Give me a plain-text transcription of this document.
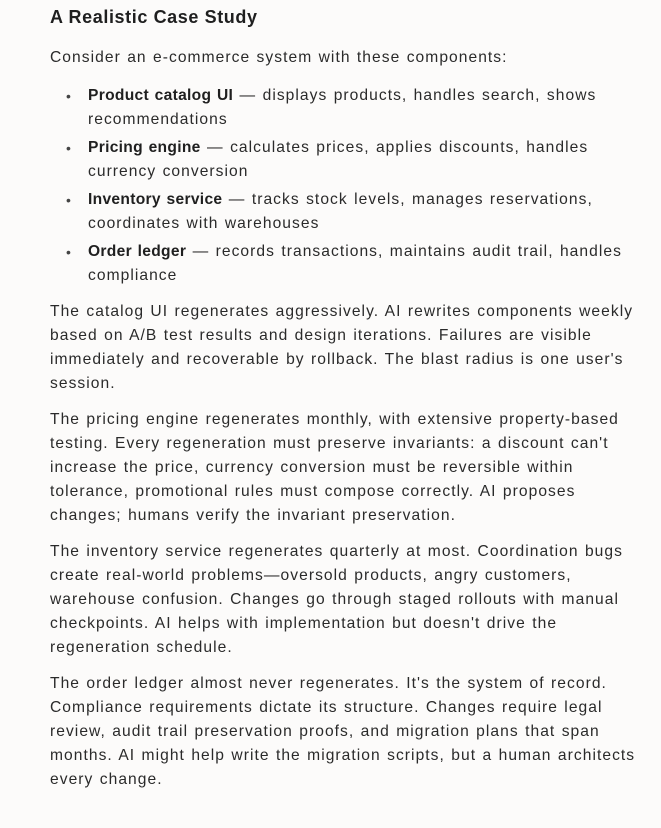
A Realistic Case Study

Consider an e-commerce system with these components:

• Product catalog UI — displays products, handles search, shows recommendations
• Pricing engine — calculates prices, applies discounts, handles currency conversion
• Inventory service — tracks stock levels, manages reservations, coordinates with warehouses
• Order ledger — records transactions, maintains audit trail, handles compliance

The catalog UI regenerates aggressively. AI rewrites components weekly based on A/B test results and design iterations. Failures are visible immediately and recoverable by rollback. The blast radius is one user's session.

The pricing engine regenerates monthly, with extensive property-based testing. Every regeneration must preserve invariants: a discount can't increase the price, currency conversion must be reversible within tolerance, promotional rules must compose correctly. AI proposes changes; humans verify the invariant preservation.

The inventory service regenerates quarterly at most. Coordination bugs create real-world problems—oversold products, angry customers, warehouse confusion. Changes go through staged rollouts with manual checkpoints. AI helps with implementation but doesn't drive the regeneration schedule.

The order ledger almost never regenerates. It's the system of record. Compliance requirements dictate its structure. Changes require legal review, audit trail preservation proofs, and migration plans that span months. AI might help write the migration scripts, but a human architects every change.
